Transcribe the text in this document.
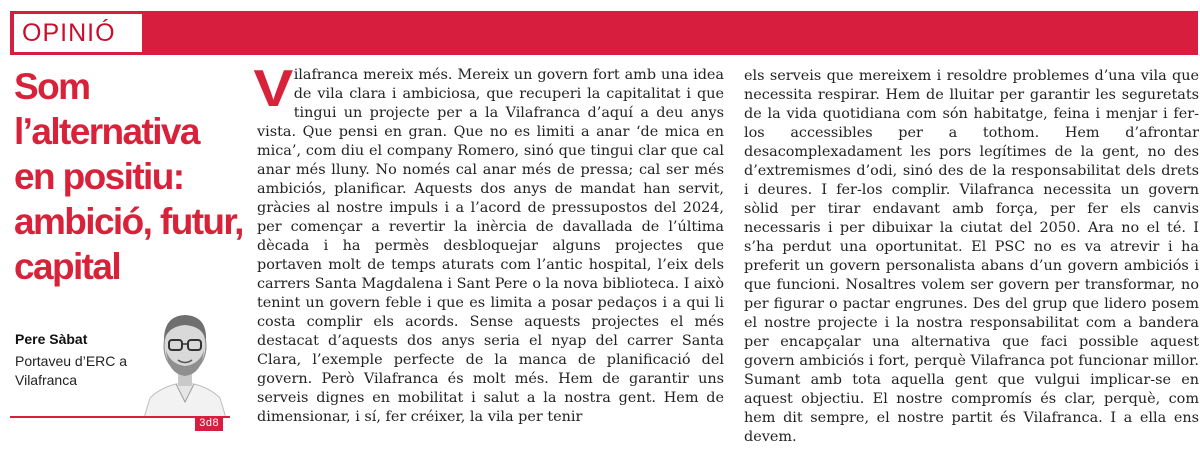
OPINIÓ
Som l’alternativa en positiu: ambició, futur, capital
Pere Sàbat
Portaveu d’ERC a Vilafranca
3d8

Vilafranca mereix més. Mereix un govern fort amb una idea de vila clara i ambiciosa, que recuperi la capitalitat i que tingui un projecte per a la Vilafranca d’aquí a deu anys vista. Que pensi en gran. Que no es limiti a anar ‘de mica en mica’, com diu el company Romero, sinó que tingui clar que cal anar més lluny. No només cal anar més de pressa; cal ser més ambiciós, planificar. Aquests dos anys de mandat han servit, gràcies al nostre impuls i a l’acord de pressupostos del 2024, per començar a revertir la inèrcia de davallada de l’última dècada i ha permès desbloquejar alguns projectes que portaven molt de temps aturats com l’antic hospital, l’eix dels carrers Santa Magdalena i Sant Pere o la nova biblioteca. I això tenint un govern feble i que es limita a posar pedaços i a qui li costa complir els acords. Sense aquests projectes el més destacat d’aquests dos anys seria el nyap del carrer Santa Clara, l’exemple perfecte de la manca de planificació del govern. Però Vilafranca és molt més. Hem de garantir uns serveis dignes en mobilitat i salut a la nostra gent. Hem de dimensionar, i sí, fer créixer, la vila per tenir

els serveis que mereixem i resoldre problemes d’una vila que necessita respirar. Hem de lluitar per garantir les seguretats de la vida quotidiana com són habitatge, feina i menjar i fer-los accessibles per a tothom. Hem d’afrontar desacomplexadament les pors legítimes de la gent, no des d’extremismes d’odi, sinó des de la responsabilitat dels drets i deures. I fer-los complir. Vilafranca necessita un govern sòlid per tirar endavant amb força, per fer els canvis necessaris i per dibuixar la ciutat del 2050. Ara no el té. I s’ha perdut una oportunitat. El PSC no es va atrevir i ha preferit un govern personalista abans d’un govern ambiciós i que funcioni. Nosaltres volem ser govern per transformar, no per figurar o pactar engrunes. Des del grup que lidero posem el nostre projecte i la nostra responsabilitat com a bandera per encapçalar una alternativa que faci possible aquest govern ambiciós i fort, perquè Vilafranca pot funcionar millor. Sumant amb tota aquella gent que vulgui implicar-se en aquest objectiu. El nostre compromís és clar, perquè, com hem dit sempre, el nostre partit és Vilafranca. I a ella ens devem.
